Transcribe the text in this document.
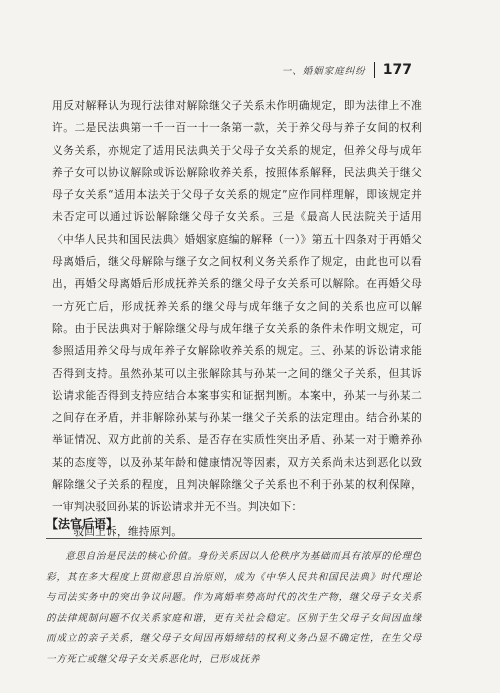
一、婚姻家庭纠纷 177

用反对解释认为现行法律对解除继父子关系未作明确规定，即为法律上不准许。二是民法典第一千一百一十一条第一款，关于养父母与养子女间的权利义务关系，亦规定了适用民法典关于父母子女关系的规定，但养父母与成年养子女可以协议解除或诉讼解除收养关系，按照体系解释，民法典关于继父母子女关系“适用本法关于父母子女关系的规定”应作同样理解，即该规定并未否定可以通过诉讼解除继父母子女关系。三是《最高人民法院关于适用〈中华人民共和国民法典〉婚姻家庭编的解释（一）》第五十四条对于再婚父母离婚后，继父母解除与继子女之间权利义务关系作了规定，由此也可以看出，再婚父母离婚后形成抚养关系的继父母子女关系可以解除。在再婚父母一方死亡后，形成抚养关系的继父母与成年继子女之间的关系也应可以解除。由于民法典对于解除继父母与成年继子女关系的条件未作明文规定，可参照适用养父母与成年养子女解除收养关系的规定。三、孙某的诉讼请求能否得到支持。虽然孙某可以主张解除其与孙某一之间的继父子关系，但其诉讼请求能否得到支持应结合本案事实和证据判断。本案中，孙某一与孙某二之间存在矛盾，并非解除孙某与孙某一继父子关系的法定理由。结合孙某的举证情况、双方此前的关系、是否存在实质性突出矛盾、孙某一对于赡养孙某的态度等，以及孙某年龄和健康情况等因素，双方关系尚未达到恶化以致解除继父子关系的程度，且判决解除继父子关系也不利于孙某的权利保障，一审判决驳回孙某的诉讼请求并无不当。判决如下：

驳回上诉，维持原判。

【法官后语】

意思自治是民法的核心价值。身份关系因以人伦秩序为基础而具有浓厚的伦理色彩，其在多大程度上贯彻意思自治原则，成为《中华人民共和国民法典》时代理论与司法实务中的突出争议问题。作为离婚率势高时代的次生产物，继父母子女关系的法律规制问题不仅关系家庭和谐，更有关社会稳定。区别于生父母子女间因血缘而成立的亲子关系，继父母子女间因再婚缔结的权利义务凸显不确定性，在生父母一方死亡或继父母子女关系恶化时，已形成抚养
